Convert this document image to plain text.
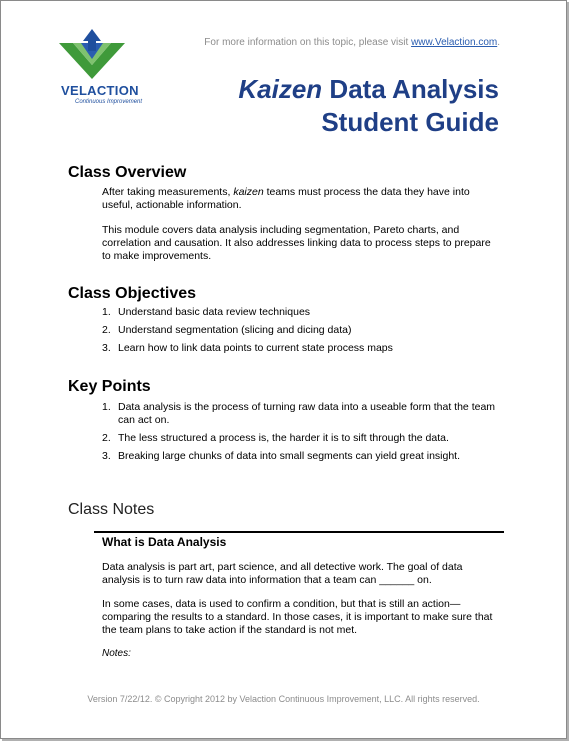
VELACTION
Continuous Improvement
For more information on this topic, please visit www.Velaction.com.
Kaizen Data Analysis
Student Guide
Class Overview

After taking measurements, kaizen teams must process the data they have into useful, actionable information.

This module covers data analysis including segmentation, Pareto charts, and correlation and causation. It also addresses linking data to process steps to prepare to make improvements.

Class Objectives
1. Understand basic data review techniques
2. Understand segmentation (slicing and dicing data)
3. Learn how to link data points to current state process maps
Key Points
1. Data analysis is the process of turning raw data into a useable form that the team can act on.
2. The less structured a process is, the harder it is to sift through the data.
3. Breaking large chunks of data into small segments can yield great insight.
Class Notes
What is Data Analysis

Data analysis is part art, part science, and all detective work. The goal of data analysis is to turn raw data into information that a team can ______ on.

In some cases, data is used to confirm a condition, but that is still an action—comparing the results to a standard. In those cases, it is important to make sure that the team plans to take action if the standard is not met.

Notes:
Version 7/22/12. © Copyright 2012 by Velaction Continuous Improvement, LLC. All rights reserved.
